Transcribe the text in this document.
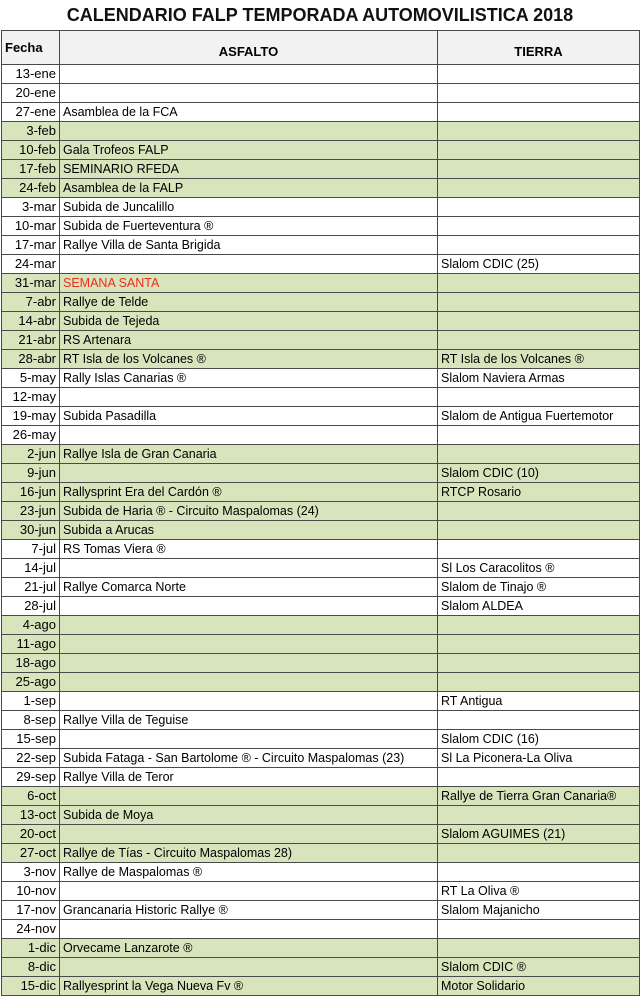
CALENDARIO FALP TEMPORADA AUTOMOVILISTICA 2018
Fecha	ASFALTO	TIERRA
13-ene		
20-ene		
27-ene	Asamblea de la FCA	
3-feb		
10-feb	Gala Trofeos FALP	
17-feb	SEMINARIO RFEDA	
24-feb	Asamblea de la FALP	
3-mar	Subida de Juncalillo	
10-mar	Subida de Fuerteventura ®	
17-mar	Rallye Villa de Santa Brigida	
24-mar		Slalom CDIC (25)
31-mar	SEMANA SANTA	
7-abr	Rallye de Telde	
14-abr	Subida de Tejeda	
21-abr	RS Artenara	
28-abr	RT Isla de los Volcanes ®	RT Isla de los Volcanes ®
5-may	Rally Islas Canarias ®	Slalom Naviera Armas
12-may		
19-may	Subida Pasadilla	Slalom de Antigua Fuertemotor
26-may		
2-jun	Rallye Isla de Gran Canaria	
9-jun		Slalom CDIC (10)
16-jun	Rallysprint Era del Cardón ®	RTCP Rosario
23-jun	Subida de Haria ® - Circuito Maspalomas (24)	
30-jun	Subida a Arucas	
7-jul	RS Tomas Viera ®	
14-jul		Sl Los Caracolitos ®
21-jul	Rallye Comarca Norte	Slalom de Tinajo ®
28-jul		Slalom ALDEA
4-ago		
11-ago		
18-ago		
25-ago		
1-sep		RT Antigua
8-sep	Rallye Villa de Teguise	
15-sep		Slalom CDIC (16)
22-sep	Subida Fataga - San Bartolome ® - Circuito Maspalomas (23)	Sl La Piconera-La Oliva
29-sep	Rallye Villa de Teror	
6-oct		Rallye de Tierra Gran Canaria®
13-oct	Subida de Moya	
20-oct		Slalom AGUIMES (21)
27-oct	Rallye de Tías - Circuito Maspalomas 28)	
3-nov	Rallye de Maspalomas ®	
10-nov		RT La Oliva ®
17-nov	Grancanaria Historic Rallye ®	Slalom Majanicho
24-nov		
1-dic	Orvecame Lanzarote ®	
8-dic		Slalom CDIC ®
15-dic	Rallyesprint la Vega Nueva Fv ®	Motor Solidario
